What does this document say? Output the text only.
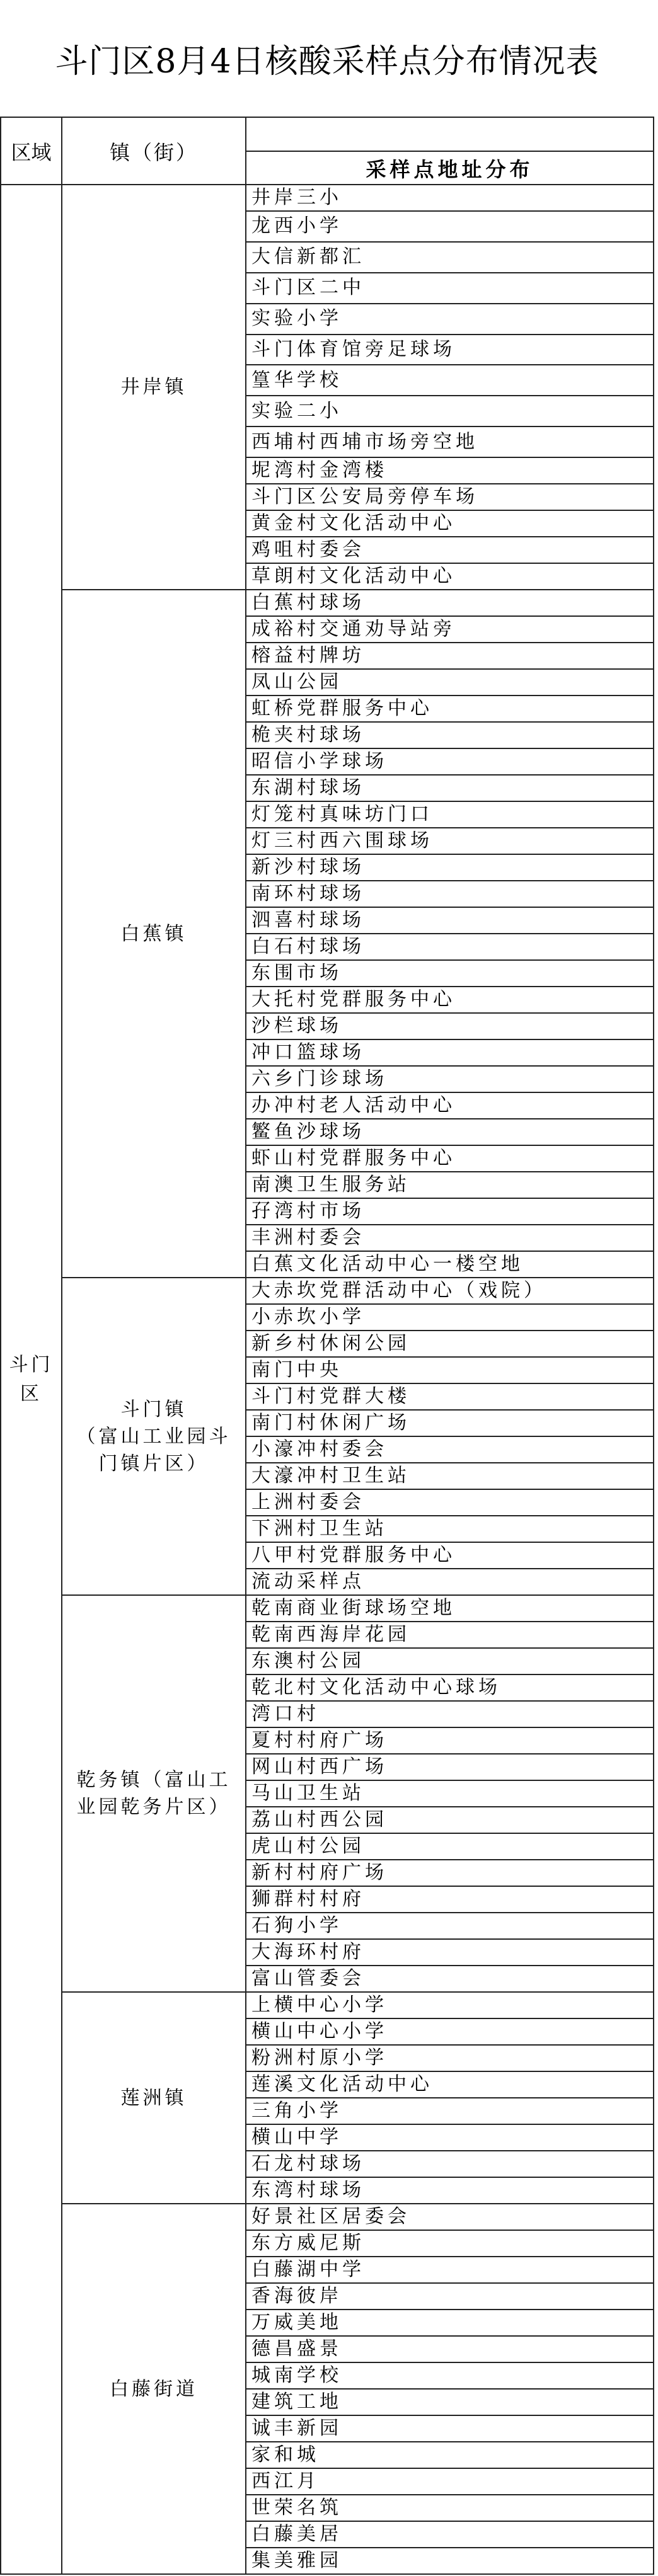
斗门区8月4日核酸采样点分布情况表
区域	镇（街）
采样点地址分布
斗门区
井岸镇
井岸三小
龙西小学
大信新都汇
斗门区二中
实验小学
斗门体育馆旁足球场
篁华学校
实验二小
西埔村西埔市场旁空地
坭湾村金湾楼
斗门区公安局旁停车场
黄金村文化活动中心
鸡咀村委会
草朗村文化活动中心
白蕉镇
白蕉村球场
成裕村交通劝导站旁
榕益村牌坊
凤山公园
虹桥党群服务中心
桅夹村球场
昭信小学球场
东湖村球场
灯笼村真味坊门口
灯三村西六围球场
新沙村球场
南环村球场
泗喜村球场
白石村球场
东围市场
大托村党群服务中心
沙栏球场
冲口篮球场
六乡门诊球场
办冲村老人活动中心
鳘鱼沙球场
虾山村党群服务中心
南澳卫生服务站
孖湾村市场
丰洲村委会
白蕉文化活动中心一楼空地
斗门镇
（富山工业园斗门镇片区）
大赤坎党群活动中心（戏院）
小赤坎小学
新乡村休闲公园
南门中央
斗门村党群大楼
南门村休闲广场
小濠冲村委会
大濠冲村卫生站
上洲村委会
下洲村卫生站
八甲村党群服务中心
流动采样点
乾务镇（富山工业园乾务片区）
乾南商业街球场空地
乾南西海岸花园
东澳村公园
乾北村文化活动中心球场
湾口村
夏村村府广场
网山村西广场
马山卫生站
荔山村西公园
虎山村公园
新村村府广场
狮群村村府
石狗小学
大海环村府
富山管委会
莲洲镇
上横中心小学
横山中心小学
粉洲村原小学
莲溪文化活动中心
三角小学
横山中学
石龙村球场
东湾村球场
白藤街道
好景社区居委会
东方威尼斯
白藤湖中学
香海彼岸
万威美地
德昌盛景
城南学校
建筑工地
诚丰新园
家和城
西江月
世荣名筑
白藤美居
集美雅园
